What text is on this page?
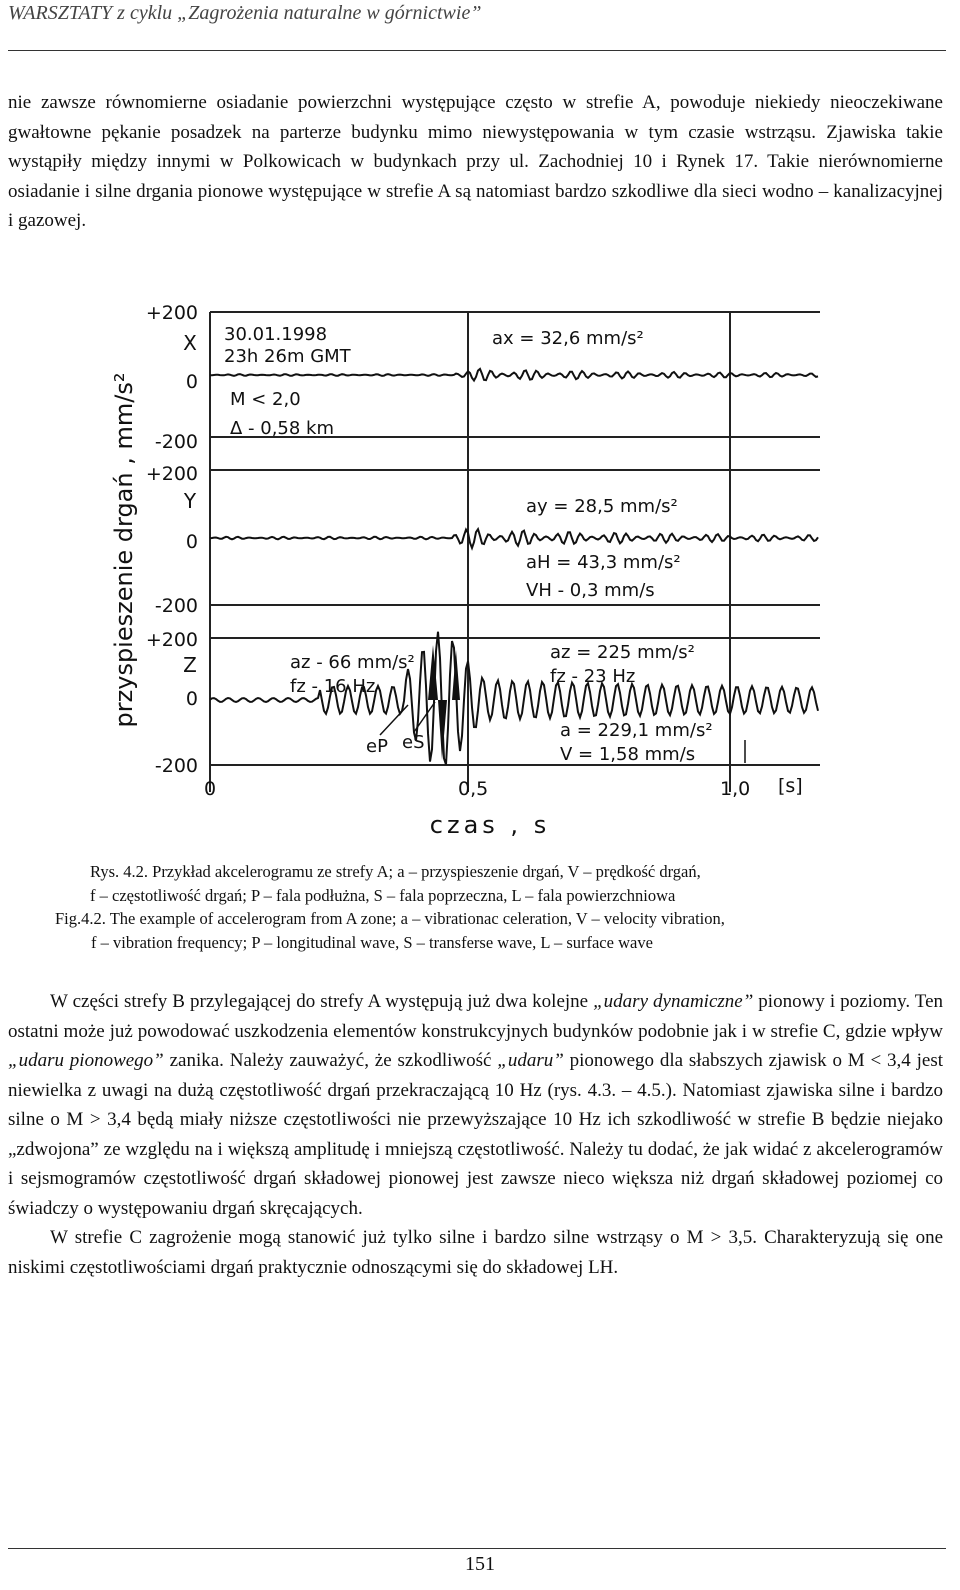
WARSZTATY z cyklu „Zagrożenia naturalne w górnictwie”

nie zawsze równomierne osiadanie powierzchni występujące często w strefie A, powoduje niekiedy nieoczekiwane gwałtowne pękanie posadzek na parterze budynku mimo niewystępowania w tym czasie wstrząsu. Zjawiska takie wystąpiły między innymi w Polkowicach w budynkach przy ul. Zachodniej 10 i Rynek 17. Takie nierównomierne osiadanie i silne drgania pionowe występujące w strefie A są natomiast bardzo szkodliwe dla sieci wodno – kanalizacyjnej i gazowej.

przyspieszenie drgań , mm/s²
+200
0
-200
X
+200
0
-200
Y
+200
0
-200
Z
0	0,5	1,0 [s]
czas , s
30.01.1998
23h 26m GMT
M < 2,0
Δ - 0,58 km
ax = 32,6 mm/s²
ay = 28,5 mm/s²
aH = 43,3 mm/s²
VH - 0,3 mm/s
az - 66 mm/s²
fz - 16 Hz
az = 225 mm/s²
fz - 23 Hz
a = 229,1 mm/s²
V = 1,58 mm/s
eP eS
Rys. 4.2. Przykład akcelerogramu ze strefy A; a – przyspieszenie drgań, V – prędkość drgań,
f – częstotliwość drgań; P – fala podłużna, S – fala poprzeczna, L – fala powierzchniowa
Fig.4.2. The example of accelerogram from A zone; a – vibrationac celeration, V – velocity vibration,
f – vibration frequency; P – longitudinal wave, S – transferse wave, L – surface wave

W części strefy B przylegającej do strefy A występują już dwa kolejne „udary dynamiczne” pionowy i poziomy. Ten ostatni może już powodować uszkodzenia elementów konstrukcyjnych budynków podobnie jak i w strefie C, gdzie wpływ „udaru pionowego” zanika. Należy zauważyć, że szkodliwość „udaru” pionowego dla słabszych zjawisk o M < 3,4 jest niewielka z uwagi na dużą częstotliwość drgań przekraczającą 10 Hz (rys. 4.3. – 4.5.). Natomiast zjawiska silne i bardzo silne o M > 3,4 będą miały niższe częstotliwości nie przewyższające 10 Hz ich szkodliwość w strefie B będzie niejako „zdwojona” ze względu na i większą amplitudę i mniejszą częstotliwość. Należy tu dodać, że jak widać z akcelerogramów i sejsmogramów częstotliwość drgań składowej pionowej jest zawsze nieco większa niż drgań składowej poziomej co świadczy o występowaniu drgań skręcających.

W strefie C zagrożenie mogą stanowić już tylko silne i bardzo silne wstrząsy o M > 3,5. Charakteryzują się one niskimi częstotliwościami drgań praktycznie odnoszącymi się do składowej LH.

151
